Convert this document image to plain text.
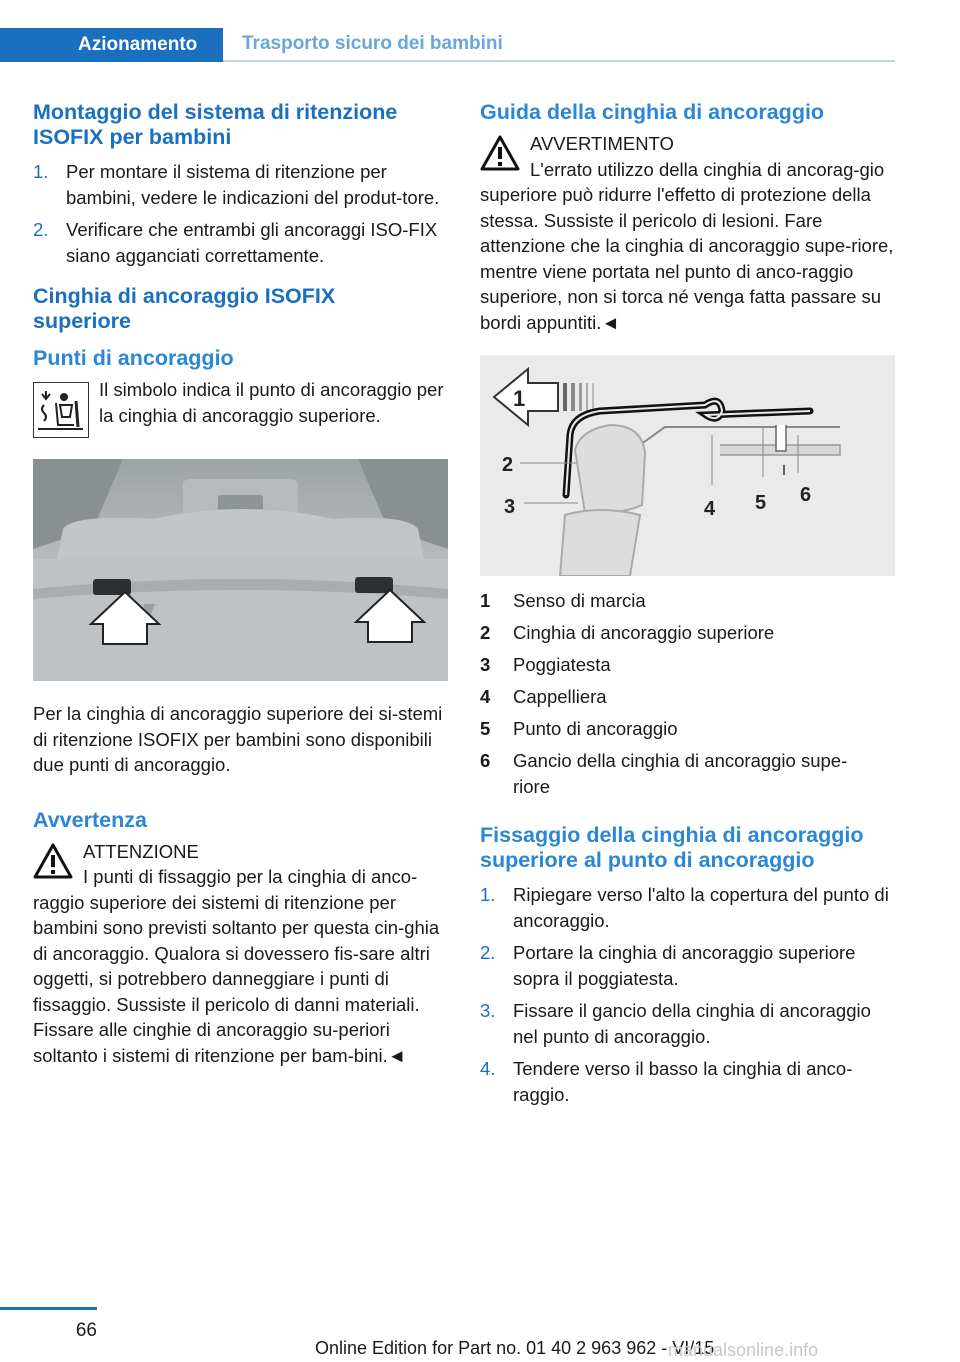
Azionamento	Trasporto sicuro dei bambini
Montaggio del sistema di ritenzione ISOFIX per bambini
1. Per montare il sistema di ritenzione per bambini, vedere le indicazioni del produt-tore.
2. Verificare che entrambi gli ancoraggi ISO-FIX siano agganciati correttamente.
Cinghia di ancoraggio ISOFIX superiore
Punti di ancoraggio
Il simbolo indica il punto di ancoraggio per la cinghia di ancoraggio superiore.
Per la cinghia di ancoraggio superiore dei si-stemi di ritenzione ISOFIX per bambini sono disponibili due punti di ancoraggio.
Avvertenza
ATTENZIONE
I punti di fissaggio per la cinghia di anco-raggio superiore dei sistemi di ritenzione per bambini sono previsti soltanto per questa cin-ghia di ancoraggio. Qualora si dovessero fis-sare altri oggetti, si potrebbero danneggiare i punti di fissaggio. Sussiste il pericolo di danni materiali. Fissare alle cinghie di ancoraggio su-periori soltanto i sistemi di ritenzione per bam-bini.◄
Guida della cinghia di ancoraggio
AVVERTIMENTO
L'errato utilizzo della cinghia di ancorag-gio superiore può ridurre l'effetto di protezione della stessa. Sussiste il pericolo di lesioni. Fare attenzione che la cinghia di ancoraggio supe-riore, mentre viene portata nel punto di anco-raggio superiore, non si torca né venga fatta passare su bordi appuntiti.◄
1
2
3	4 5 6
1 Senso di marcia
2 Cinghia di ancoraggio superiore
3 Poggiatesta
4 Cappelliera
5 Punto di ancoraggio
6 Gancio della cinghia di ancoraggio supe-riore
Fissaggio della cinghia di ancoraggio superiore al punto di ancoraggio
1. Ripiegare verso l'alto la copertura del punto di ancoraggio.
2. Portare la cinghia di ancoraggio superiore sopra il poggiatesta.
3. Fissare il gancio della cinghia di ancoraggio nel punto di ancoraggio.
4. Tendere verso il basso la cinghia di anco-raggio.
66
Online Edition for Part no. 01 40 2 963 962 - VI/15
manualsonline.info
